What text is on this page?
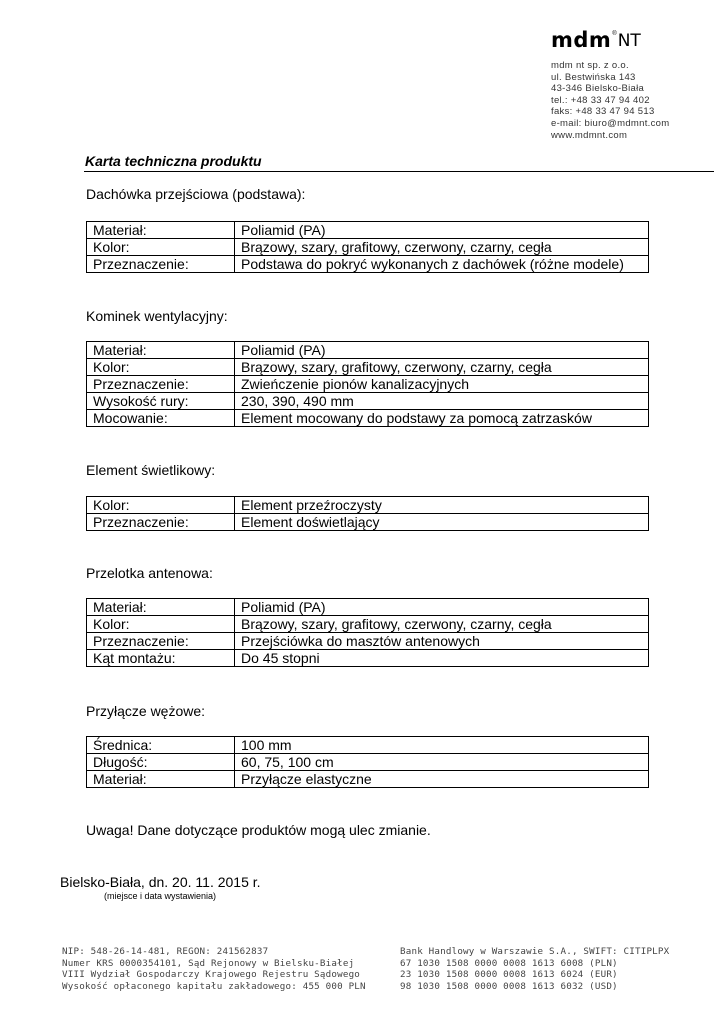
mdm ® NT
mdm nt sp. z o.o.
ul. Bestwińska 143
43-346 Bielsko-Biała
tel.: +48 33 47 94 402
faks: +48 33 47 94 513
e-mail: biuro@mdmnt.com
www.mdmnt.com
Karta techniczna produktu
Dachówka przejściowa (podstawa):
Materiał:	Poliamid (PA)
Kolor:	Brązowy, szary, grafitowy, czerwony, czarny, cegła
Przeznaczenie:	Podstawa do pokryć wykonanych z dachówek (różne modele)
Kominek wentylacyjny:
Materiał:	Poliamid (PA)
Kolor:	Brązowy, szary, grafitowy, czerwony, czarny, cegła
Przeznaczenie:	Zwieńczenie pionów kanalizacyjnych
Wysokość rury:	230, 390, 490 mm
Mocowanie:	Element mocowany do podstawy za pomocą zatrzasków
Element świetlikowy:
Kolor:	Element przeźroczysty
Przeznaczenie:	Element doświetlający
Przelotka antenowa:
Materiał:	Poliamid (PA)
Kolor:	Brązowy, szary, grafitowy, czerwony, czarny, cegła
Przeznaczenie:	Przejściówka do masztów antenowych
Kąt montażu:	Do 45 stopni
Przyłącze wężowe:
Średnica:	100 mm
Długość:	60, 75, 100 cm
Materiał:	Przyłącze elastyczne
Uwaga! Dane dotyczące produktów mogą ulec zmianie.
Bielsko-Biała, dn. 20. 11. 2015 r.
(miejsce i data wystawienia)
NIP: 548-26-14-481, REGON: 241562837
Numer KRS 0000354101, Sąd Rejonowy w Bielsku-Białej
VIII Wydział Gospodarczy Krajowego Rejestru Sądowego
Wysokość opłaconego kapitału zakładowego: 455 000 PLN
Bank Handlowy w Warszawie S.A., SWIFT: CITIPLPX
67 1030 1508 0000 0008 1613 6008 (PLN)
23 1030 1508 0000 0008 1613 6024 (EUR)
98 1030 1508 0000 0008 1613 6032 (USD)
